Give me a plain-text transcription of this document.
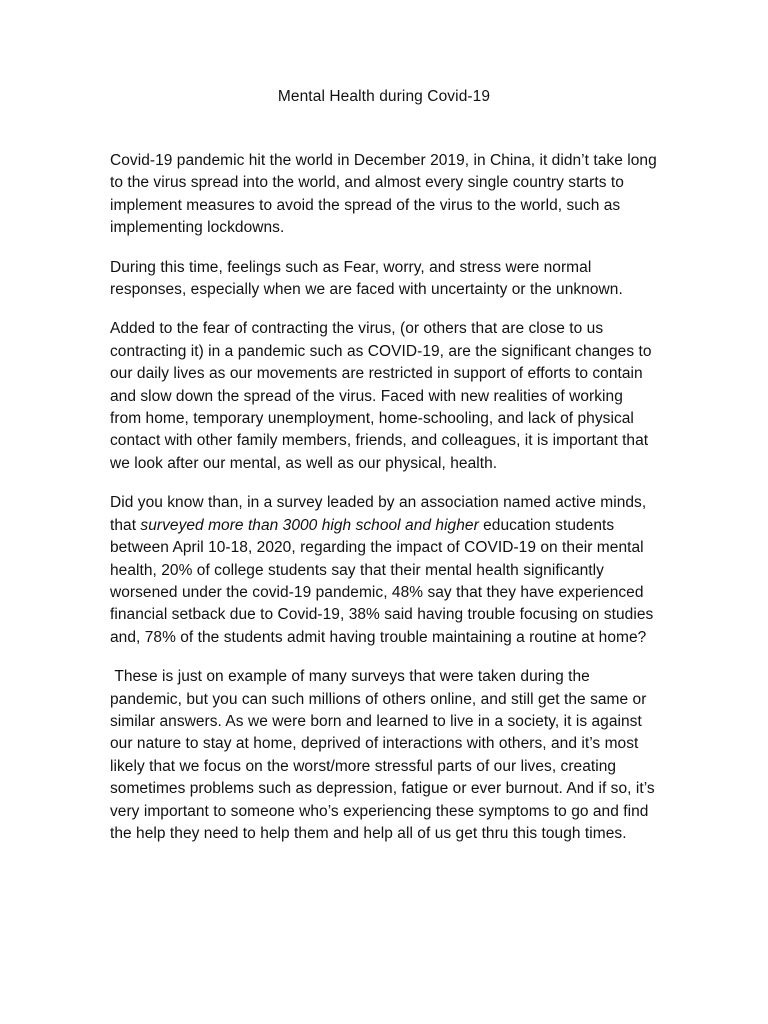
Mental Health during Covid-19

Covid-19 pandemic hit the world in December 2019, in China, it didn’t take long to the virus spread into the world, and almost every single country starts to implement measures to avoid the spread of the virus to the world, such as implementing lockdowns.

During this time, feelings such as Fear, worry, and stress were normal responses, especially when we are faced with uncertainty or the unknown.

Added to the fear of contracting the virus, (or others that are close to us contracting it) in a pandemic such as COVID-19, are the significant changes to our daily lives as our movements are restricted in support of efforts to contain and slow down the spread of the virus. Faced with new realities of working from home, temporary unemployment, home-schooling, and lack of physical contact with other family members, friends, and colleagues, it is important that we look after our mental, as well as our physical, health.

Did you know than, in a survey leaded by an association named active minds, that surveyed more than 3000 high school and higher education students between April 10-18, 2020, regarding the impact of COVID-19 on their mental health, 20% of college students say that their mental health significantly worsened under the covid-19 pandemic, 48% say that they have experienced financial setback due to Covid-19, 38% said having trouble focusing on studies and, 78% of the students admit having trouble maintaining a routine at home?

These is just on example of many surveys that were taken during the pandemic, but you can such millions of others online, and still get the same or similar answers. As we were born and learned to live in a society, it is against our nature to stay at home, deprived of interactions with others, and it’s most likely that we focus on the worst/more stressful parts of our lives, creating sometimes problems such as depression, fatigue or ever burnout. And if so, it’s very important to someone who’s experiencing these symptoms to go and find the help they need to help them and help all of us get thru this tough times.
